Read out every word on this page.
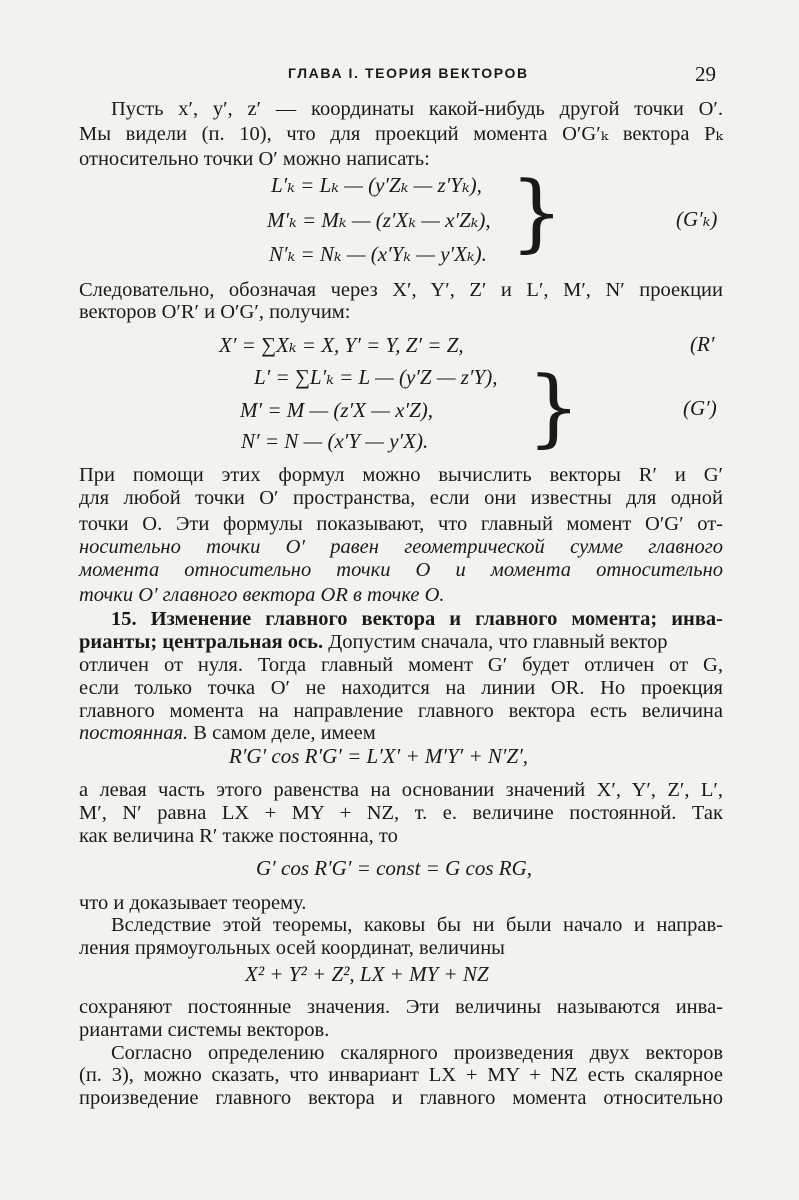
ГЛАВА I. ТЕОРИЯ ВЕКТОРОВ	29
Пусть x′, y′, z′ — координаты какой-нибудь другой точки O′.
Мы видели (п. 10), что для проекций момента O′G′ₖ вектора Pₖ
относительно точки O′ можно написать:
L′ₖ = Lₖ — (y′Zₖ — z′Yₖ),
M′ₖ = Mₖ — (z′Xₖ — x′Zₖ),
N′ₖ = Nₖ — (x′Yₖ — y′Xₖ). }	(G′ₖ)
Следовательно, обозначая через X′, Y′, Z′ и L′, M′, N′ проекции
векторов O′R′ и O′G′, получим:
X′ = ∑Xₖ = X, Y′ = Y, Z′ = Z,	(R′
L′ = ∑L′ₖ = L — (y′Z — z′Y),
M′ = M — (z′X — x′Z),
N′ = N — (x′Y — y′X). }	(G′)
При помощи этих формул можно вычислить векторы R′ и G′
для любой точки O′ пространства, если они известны для одной
точки O. Эти формулы показывают, что главный момент O′G′ от-
носительно точки O′ равен геометрической сумме главного
момента относительно точки O и момента относительно
точки O′ главного вектора OR в точке O.
15. Изменение главного вектора и главного момента; инва-
рианты; центральная ось. Допустим сначала, что главный вектор
отличен от нуля. Тогда главный момент G′ будет отличен от G,
если только точка O′ не находится на линии OR. Но проекция
главного момента на направление главного вектора есть величина
постоянная. В самом деле, имеем
R′G′ cos R′G′ = L′X′ + M′Y′ + N′Z′,
а левая часть этого равенства на основании значений X′, Y′, Z′, L′,
M′, N′ равна LX + MY + NZ, т. е. величине постоянной. Так
как величина R′ также постоянна, то
G′ cos R′G′ = const = G cos RG,
что и доказывает теорему.
Вследствие этой теоремы, каковы бы ни были начало и направ-
ления прямоугольных осей координат, величины
X² + Y² + Z², LX + MY + NZ
сохраняют постоянные значения. Эти величины называются инва-
риантами системы векторов.
Согласно определению скалярного произведения двух векторов
(п. 3), можно сказать, что инвариант LX + MY + NZ есть скалярное
произведение главного вектора и главного момента относительно
